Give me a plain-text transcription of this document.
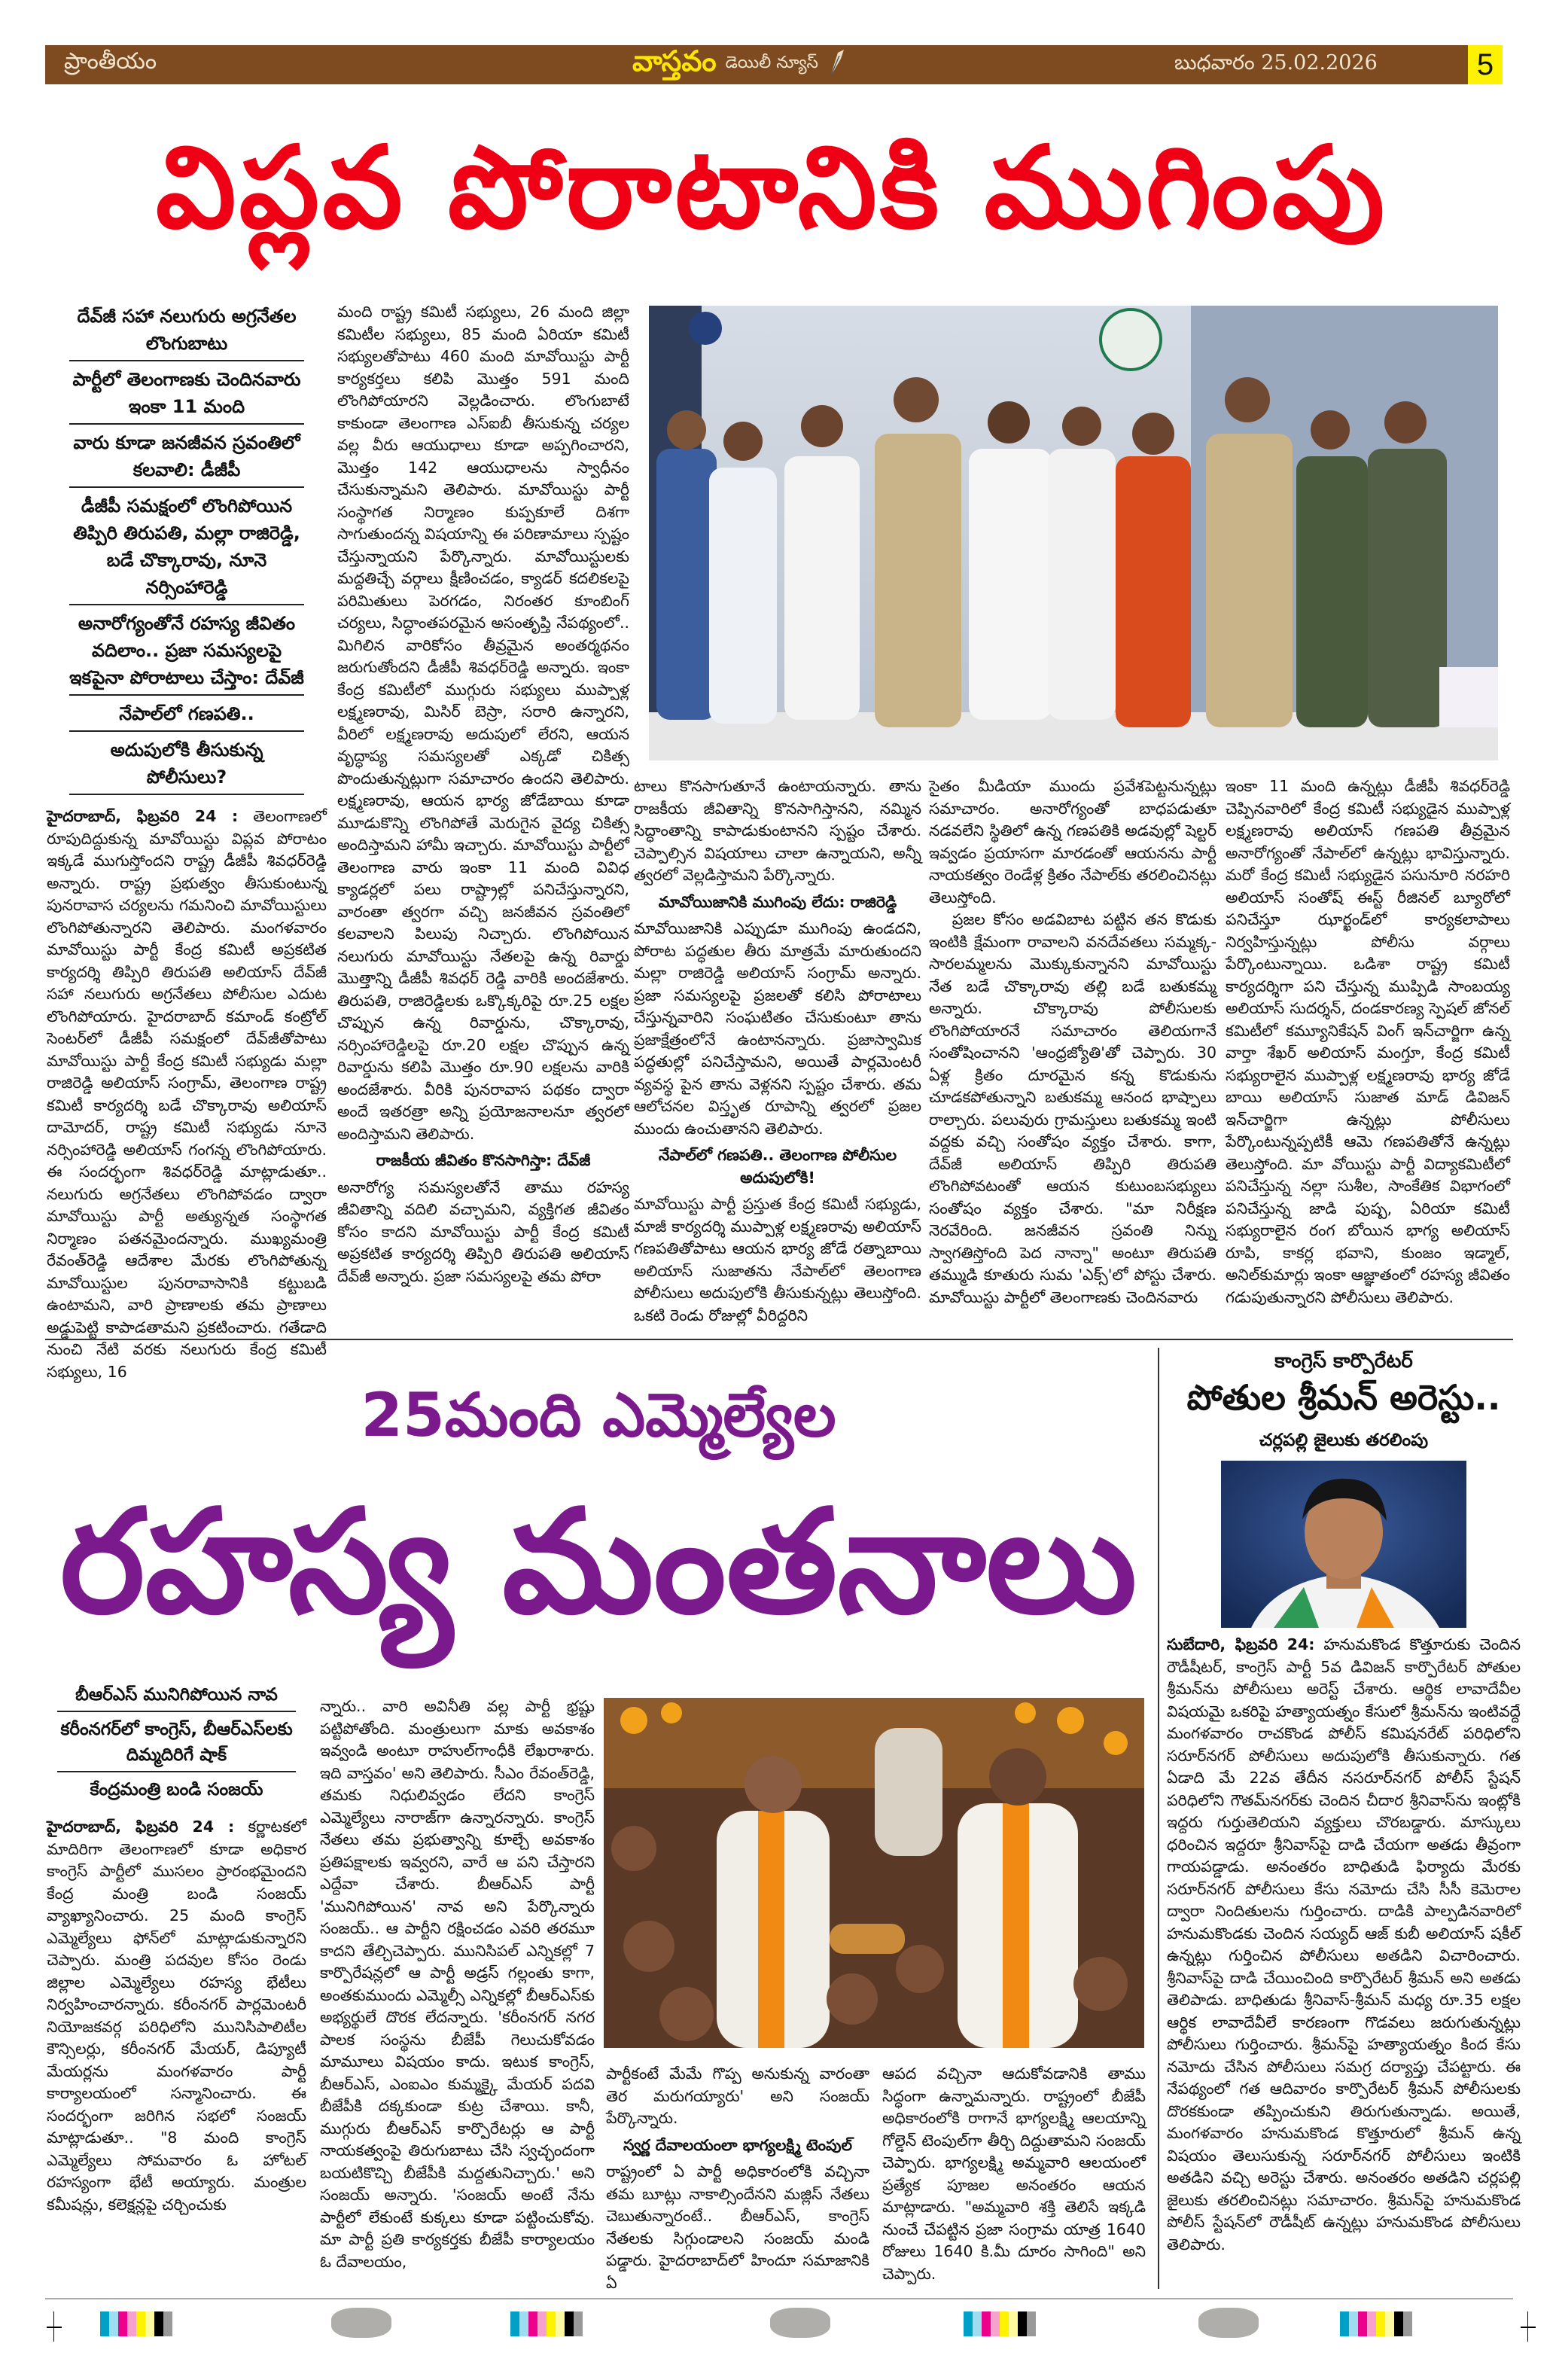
ప్రాంతీయం	వాస్తవం డెయిలీ న్యూస్	బుధవారం 25.02.2026	5
విప్లవ పోరాటానికి ముగింపు
దేవ్‌జీ సహా నలుగురు అగ్రనేతల లొంగుబాటు
పార్టీలో తెలంగాణకు చెందినవారు ఇంకా 11 మంది
వారు కూడా జనజీవన స్రవంతిలో కలవాలి: డీజీపీ
డీజీపీ సమక్షంలో లొంగిపోయిన తిప్పిరి తిరుపతి, మల్లా రాజిరెడ్డి, బడే చొక్కారావు, నూనె నర్సింహారెడ్డి
అనారోగ్యంతోనే రహస్య జీవితం వదిలాం.. ప్రజా సమస్యలపై ఇకపైనా పోరాటాలు చేస్తాం: దేవ్‌జీ
నేపాల్‌లో గణపతి..
అదుపులోకి తీసుకున్న పోలీసులు?

హైదరాబాద్, ఫిబ్రవరి 24 : తెలంగాణలో రూపుదిద్దుకున్న మావోయిస్టు విప్లవ పోరాటం ఇక్కడే ముగుస్తోందని రాష్ట్ర డీజీపీ శివధర్‌రెడ్డి అన్నారు. రాష్ట్ర ప్రభుత్వం తీసుకుంటున్న పునరావాస చర్యలను గమనించి మావోయిస్టులు లొంగిపోతున్నారని తెలిపారు. మంగళవారం మావోయిస్టు పార్టీ కేంద్ర కమిటీ అప్రకటిత కార్యదర్శి తిప్పిరి తిరుపతి అలియాస్ దేవ్‌జీ సహా నలుగురు అగ్రనేతలు పోలీసుల ఎదుట లొంగిపోయారు. హైదరాబాద్ కమాండ్ కంట్రోల్ సెంటర్‌లో డీజీపీ సమక్షంలో దేవ్‌జీతోపాటు మావోయిస్టు పార్టీ కేంద్ర కమిటీ సభ్యుడు మల్లా రాజిరెడ్డి అలియాస్ సంగ్రామ్, తెలంగాణ రాష్ట్ర కమిటీ కార్యదర్శి బడే చొక్కారావు అలియాస్ దామోదర్, రాష్ట్ర కమిటీ సభ్యుడు నూనె నర్సింహారెడ్డి అలియాస్ గంగన్న లొంగిపోయారు. ఈ సందర్భంగా శివధర్‌రెడ్డి మాట్లాడుతూ.. నలుగురు అగ్రనేతలు లొంగిపోవడం ద్వారా మావోయిస్టు పార్టీ అత్యున్నత సంస్థాగత నిర్మాణం పతనమైందన్నారు. ముఖ్యమంత్రి రేవంత్‌రెడ్డి ఆదేశాల మేరకు లొంగిపోతున్న మావోయిస్టుల పునరావాసానికి కట్టుబడి ఉంటామని, వారి ప్రాణాలకు తమ ప్రాణాలు అడ్డుపెట్టి కాపాడతామని ప్రకటించారు. గతేడాది నుంచి నేటి వరకు నలుగురు కేంద్ర కమిటీ సభ్యులు, 16

మంది రాష్ట్ర కమిటీ సభ్యులు, 26 మంది జిల్లా కమిటీల సభ్యులు, 85 మంది ఏరియా కమిటీ సభ్యులతోపాటు 460 మంది మావోయిస్టు పార్టీ కార్యకర్తలు కలిపి మొత్తం 591 మంది లొంగిపోయారని వెల్లడించారు. లొంగుబాటే కాకుండా తెలంగాణ ఎస్ఐబీ తీసుకున్న చర్యల వల్ల వీరు ఆయుధాలు కూడా అప్పగించారని, మొత్తం 142 ఆయుధాలను స్వాధీనం చేసుకున్నామని తెలిపారు. మావోయిస్టు పార్టీ సంస్థాగత నిర్మాణం కుప్పకూలే దిశగా సాగుతుందన్న విషయాన్ని ఈ పరిణామాలు స్పష్టం చేస్తున్నాయని పేర్కొన్నారు. మావోయిస్టులకు మద్దతిచ్చే వర్గాలు క్షీణించడం, క్యాడర్ కదలికలపై పరిమితులు పెరగడం, నిరంతర కూంబింగ్ చర్యలు, సిద్ధాంతపరమైన అసంతృప్తి నేపథ్యంలో.. మిగిలిన వారికోసం తీవ్రమైన అంతర్మథనం జరుగుతోందని డీజీపీ శివధర్‌రెడ్డి అన్నారు. ఇంకా కేంద్ర కమిటీలో ముగ్గురు సభ్యులు ముప్పాళ్ల లక్ష్మణరావు, మిసిర్ బెస్రా, సరారి ఉన్నారని, వీరిలో లక్ష్మణరావు అదుపులో లేరని, ఆయన వృద్ధాప్య సమస్యలతో ఎక్కడో చికిత్స పొందుతున్నట్లుగా సమాచారం ఉందని తెలిపారు. లక్ష్మణరావు, ఆయన భార్య జోడేబాయి కూడా మూడుకొన్ని లొంగిపోతే మెరుగైన వైద్య చికిత్స అందిస్తామని హామీ ఇచ్చారు. మావోయిస్టు పార్టీలో తెలంగాణ వారు ఇంకా 11 మంది వివిధ క్యాడర్లలో పలు రాష్ట్రాల్లో పనిచేస్తున్నారని, వారంతా త్వరగా వచ్చి జనజీవన స్రవంతిలో కలవాలని పిలుపు నిచ్చారు. లొంగిపోయిన నలుగురు మావోయిస్టు నేతలపై ఉన్న రివార్డు మొత్తాన్ని డీజీపీ శివధర్ రెడ్డి వారికి అందజేశారు. తిరుపతి, రాజిరెడ్డిలకు ఒక్కొక్కరిపై రూ.25 లక్షల చొప్పున ఉన్న రివార్డును, చొక్కారావు, నర్సింహారెడ్డిలపై రూ.20 లక్షల చొప్పున ఉన్న రివార్డును కలిపి మొత్తం రూ.90 లక్షలను వారికి అందజేశారు. వీరికి పునరావాస పథకం ద్వారా అందే ఇతరత్రా అన్ని ప్రయోజనాలనూ త్వరలో అందిస్తామని తెలిపారు.

రాజకీయ జీవితం కొనసాగిస్తా: దేవ్‌జీ

అనారోగ్య సమస్యలతోనే తాము రహస్య జీవితాన్ని వదిలి వచ్చామని, వ్యక్తిగత జీవితం కోసం కాదని మావోయిస్టు పార్టీ కేంద్ర కమిటీ అప్రకటిత కార్యదర్శి తిప్పిరి తిరుపతి అలియాస్ దేవ్‌జీ అన్నారు. ప్రజా సమస్యలపై తమ పోరా

టాలు కొనసాగుతూనే ఉంటాయన్నారు. తాను రాజకీయ జీవితాన్ని కొనసాగిస్తానని, నమ్మిన సిద్ధాంతాన్ని కాపాడుకుంటానని స్పష్టం చేశారు. చెప్పాల్సిన విషయాలు చాలా ఉన్నాయని, అన్నీ త్వరలో వెల్లడిస్తామని పేర్కొన్నారు.

మావోయిజానికి ముగింపు లేదు: రాజిరెడ్డి

మావోయిజానికి ఎప్పుడూ ముగింపు ఉండదని, పోరాట పద్ధతుల తీరు మాత్రమే మారుతుందని మల్లా రాజిరెడ్డి అలియాస్ సంగ్రామ్ అన్నారు. ప్రజా సమస్యలపై ప్రజలతో కలిసి పోరాటాలు చేస్తున్నవారిని సంఘటితం చేసుకుంటూ తాను ప్రజాక్షేత్రంలోనే ఉంటానన్నారు. ప్రజాస్వామిక పద్ధతుల్లో పనిచేస్తామని, అయితే పార్లమెంటరీ వ్యవస్థ పైన తాను వెళ్లనని స్పష్టం చేశారు. తమ ఆలోచనల విస్తృత రూపాన్ని త్వరలో ప్రజల ముందు ఉంచుతానని తెలిపారు.

నేపాల్‌లో గణపతి.. తెలంగాణ పోలీసుల

అదుపులోకి!

మావోయిస్టు పార్టీ ప్రస్తుత కేంద్ర కమిటీ సభ్యుడు, మాజీ కార్యదర్శి ముప్పాళ్ల లక్ష్మణరావు అలియాస్ గణపతితోపాటు ఆయన భార్య జోడే రత్నాబాయి అలియాస్ సుజాతను నేపాల్‌లో తెలంగాణ పోలీసులు అదుపులోకి తీసుకున్నట్లు తెలుస్తోంది. ఒకటి రెండు రోజుల్లో వీరిద్దరిని

సైతం మీడియా ముందు ప్రవేశపెట్టనున్నట్లు సమాచారం. అనారోగ్యంతో బాధపడుతూ నడవలేని స్థితిలో ఉన్న గణపతికి అడవుల్లో షెల్టర్ ఇవ్వడం ప్రయాసగా మారడంతో ఆయనను పార్టీ నాయకత్వం రెండేళ్ల క్రితం నేపాల్‌కు తరలించినట్లు తెలుస్తోంది.

ప్రజల కోసం అడవిబాట పట్టిన తన కొడుకు ఇంటికి క్షేమంగా రావాలని వనదేవతలు సమ్మక్క- సారలమ్మలను మొక్కుకున్నానని మావోయిస్టు నేత బడే చొక్కారావు తల్లి బడే బతుకమ్మ అన్నారు. చొక్కారావు పోలీసులకు లొంగిపోయారనే సమాచారం తెలియగానే సంతోషించానని 'ఆంధ్రజ్యోతి'తో చెప్పారు. 30 ఏళ్ల క్రితం దూరమైన కన్న కొడుకును చూడకపోతున్నాని బతుకమ్మ ఆనంద భాష్పాలు రాల్చారు. పలువురు గ్రామస్తులు బతుకమ్మ ఇంటి వద్దకు వచ్చి సంతోషం వ్యక్తం చేశారు. కాగా, దేవ్‌జీ అలియాస్ తిప్పిరి తిరుపతి లొంగిపోవటంతో ఆయన కుటుంబసభ్యులు సంతోషం వ్యక్తం చేశారు. "మా నిరీక్షణ నెరవేరింది. జనజీవన స్రవంతి నిన్ను స్వాగతిస్తోంది పెద నాన్నా" అంటూ తిరుపతి తమ్ముడి కూతురు సుమ 'ఎక్స్'లో పోస్టు చేశారు. మావోయిస్టు పార్టీలో తెలంగాణకు చెందినవారు

ఇంకా 11 మంది ఉన్నట్లు డీజీపీ శివధర్‌రెడ్డి చెప్పినవారిలో కేంద్ర కమిటీ సభ్యుడైన ముప్పాళ్ల లక్ష్మణరావు అలియాస్ గణపతి తీవ్రమైన అనారోగ్యంతో నేపాల్‌లో ఉన్నట్లు భావిస్తున్నారు. మరో కేంద్ర కమిటీ సభ్యుడైన పసునూరి నరహరి అలియాస్ సంతోష్ ఈస్ట్ రీజినల్ బ్యూరోలో పనిచేస్తూ ఝార్ఖండ్‌లో కార్యకలాపాలు నిర్వహిస్తున్నట్లు పోలీసు వర్గాలు పేర్కొంటున్నాయి. ఒడిశా రాష్ట్ర కమిటీ కార్యదర్శిగా పని చేస్తున్న ముప్పిడి సాంబయ్య అలియాస్ సుదర్శన్, దండకారణ్య స్పెషల్ జోనల్ కమిటీలో కమ్యూనికేషన్ వింగ్ ఇన్‌చార్జిగా ఉన్న వార్తా శేఖర్ అలియాస్ మంగ్తూ, కేంద్ర కమిటీ సభ్యురాలైన ముప్పాళ్ల లక్ష్మణరావు భార్య జోడే బాయి అలియాస్ సుజాత మాడ్ డివిజన్ ఇన్‌చార్జిగా ఉన్నట్లు పోలీసులు పేర్కొంటున్నప్పటికీ ఆమె గణపతితోనే ఉన్నట్లు తెలుస్తోంది. మా వోయిస్టు పార్టీ విద్యాకమిటీలో పనిచేస్తున్న నల్లా సుశీల, సాంకేతిక విభాగంలో పనిచేస్తున్న జాడి పుష్ప, ఏరియా కమిటీ సభ్యురాలైన రంగ బోయిన భాగ్య అలియాస్ రూపి, కాకర్ల భవాని, కుంజం ఇడ్మాల్, అనిల్‌కుమార్లు ఇంకా ఆజ్ఞాతంలో రహస్య జీవితం గడుపుతున్నారని పోలీసులు తెలిపారు.

25మంది ఎమ్మెల్యేల
రహస్య మంతనాలు
బీఆర్ఎస్ మునిగిపోయిన నావ
కరీంనగర్‌లో కాంగ్రెస్, బీఆర్ఎస్‌లకు దిమ్మదిరిగే షాక్
కేంద్రమంత్రి బండి సంజయ్

హైదరాబాద్, ఫిబ్రవరి 24 : కర్ణాటకలో మాదిరిగా తెలంగాణలో కూడా అధికార కాంగ్రెస్ పార్టీలో ముసలం ప్రారంభమైందని కేంద్ర మంత్రి బండి సంజయ్ వ్యాఖ్యానించారు. 25 మంది కాంగ్రెస్ ఎమ్మెల్యేలు ఫోన్‌లో మాట్లాడుకున్నారని చెప్పారు. మంత్రి పదవుల కోసం రెండు జిల్లాల ఎమ్మెల్యేలు రహస్య భేటీలు నిర్వహించారన్నారు. కరీంనగర్ పార్లమెంటరీ నియోజకవర్గ పరిధిలోని మునిసిపాలిటీల కౌన్సిలర్లు, కరీంనగర్ మేయర్, డిప్యూటీ మేయర్లను మంగళవారం పార్టీ కార్యాలయంలో సన్మానించారు. ఈ సందర్భంగా జరిగిన సభలో సంజయ్ మాట్లాడుతూ.. "8 మంది కాంగ్రెస్ ఎమ్మెల్యేలు సోమవారం ఓ హోటల్ రహస్యంగా భేటీ అయ్యారు. మంత్రుల కమీషన్లు, కలెక్షన్లపై చర్చించుకు

న్నారు.. వారి అవినీతి వల్ల పార్టీ భ్రష్టు పట్టిపోతోంది. మంత్రులుగా మాకు అవకాశం ఇవ్వండి అంటూ రాహుల్‌గాంధీకి లేఖరాశారు. ఇది వాస్తవం' అని తెలిపారు. సీఎం రేవంత్‌రెడ్డి, తమకు నిధులివ్వడం లేదని కాంగ్రెస్ ఎమ్మెల్యేలు నారాజ్‌గా ఉన్నారన్నారు. కాంగ్రెస్ నేతలు తమ ప్రభుత్వాన్ని కూల్చే అవకాశం ప్రతిపక్షాలకు ఇవ్వరని, వారే ఆ పని చేస్తారని ఎద్దేవా చేశారు. బీఆర్ఎస్ పార్టీ 'మునిగిపోయిన' నావ అని పేర్కొన్నారు సంజయ్.. ఆ పార్టీని రక్షించడం ఎవరి తరమూ కాదని తేల్చిచెప్పారు. మునిసిపల్ ఎన్నికల్లో 7 కార్పొరేషన్లలో ఆ పార్టీ అడ్రస్ గల్లంతు కాగా, అంతకుముందు ఎమ్మెల్సీ ఎన్నికల్లో బీఆర్ఎస్‌కు అభ్యర్థులే దొరక లేదన్నారు. 'కరీంనగర్ నగర పాలక సంస్థను బీజేపీ గెలుచుకోవడం మామూలు విషయం కాదు. ఇటుక కాంగ్రెస్, బీఆర్ఎస్, ఎంఐఎం కుమ్మక్కై మేయర్ పదవి బీజేపీకి దక్కకుండా కుట్ర చేశాయి. కానీ, ముగ్గురు బీఆర్ఎస్ కార్పొరేటర్లు ఆ పార్టీ నాయకత్వంపై తిరుగుబాటు చేసి స్వచ్ఛందంగా బయటికొచ్చి బీజేపీకి మద్దతునిచ్చారు.' అని సంజయ్ అన్నారు. 'సంజయ్ అంటే నేను పార్టీలో లేకుంటే కుక్కలు కూడా పట్టించుకోవు. మా పార్టీ ప్రతి కార్యకర్తకు బీజేపీ కార్యాలయం ఓ దేవాలయం,

పార్టీకంటే మేమే గొప్ప అనుకున్న వారంతా తెర మరుగయ్యారు' అని సంజయ్ పేర్కొన్నారు.

స్వర్ణ దేవాలయంలా భాగ్యలక్ష్మి టెంపుల్

రాష్ట్రంలో ఏ పార్టీ అధికారంలోకి వచ్చినా తమ బూట్లు నాకాల్సిందేనని మజ్లిస్ నేతలు చెబుతున్నారంటే.. బీఆర్ఎస్, కాంగ్రెస్ నేతలకు సిగ్గుండాలని సంజయ్ మండి పడ్డారు. హైదరాబాద్‌లో హిందూ సమాజానికి ఏ

ఆపద వచ్చినా ఆదుకోవడానికి తాము సిద్ధంగా ఉన్నామన్నారు. రాష్ట్రంలో బీజేపీ అధికారంలోకి రాగానే భాగ్యలక్ష్మి ఆలయాన్ని గోల్డెన్ టెంపుల్‌గా తీర్చి దిద్దుతామని సంజయ్ చెప్పారు. భాగ్యలక్ష్మి అమ్మవారి ఆలయంలో ప్రత్యేక పూజల అనంతరం ఆయన మాట్లాడారు. "అమ్మవారి శక్తి తెలిసే ఇక్కడి నుంచే చేపట్టిన ప్రజా సంగ్రామ యాత్ర 1640 రోజులు 1640 కి.మీ దూరం సాగింది" అని చెప్పారు.

కాంగ్రెస్ కార్పొరేటర్
పోతుల శ్రీమన్ అరెస్టు..
చర్లపల్లి జైలుకు తరలింపు

సుబేదారి, ఫిబ్రవరి 24: హనుమకొండ కొత్తూరుకు చెందిన రౌడీషీటర్, కాంగ్రెస్ పార్టీ 5వ డివిజన్ కార్పొరేటర్ పోతుల శ్రీమన్‌ను పోలీసులు అరెస్ట్ చేశారు. ఆర్థిక లావాదేవీల విషయమై ఒకరిపై హత్యాయత్నం కేసులో శ్రీమన్‌ను ఇంటివద్దే మంగళవారం రాచకొండ పోలీస్ కమిషనరేట్ పరిధిలోని సరూర్‌నగర్ పోలీసులు అదుపులోకి తీసుకున్నారు. గత ఏడాది మే 22వ తేదీన నసరూర్‌నగర్ పోలీస్ స్టేషన్ పరిధిలోని గౌతమ్‌నగర్‌కు చెందిన చీదార శ్రీనివాస్‌ను ఇంట్లోకి ఇద్దరు గుర్తుతెలియని వ్యక్తులు చొరబడ్డారు. మాస్కులు ధరించిన ఇద్దరూ శ్రీనివాస్‌పై దాడి చేయగా అతడు తీవ్రంగా గాయపడ్డాడు. అనంతరం బాధితుడి ఫిర్యాదు మేరకు సరూర్‌నగర్ పోలీసులు కేసు నమోదు చేసి సీసీ కెమెరాల ద్వారా నిందితులను గుర్తించారు. దాడికి పాల్పడినవారిలో హనుమకొండకు చెందిన సయ్యద్ ఆజ్ కుబీ అలియాస్ షకీల్ ఉన్నట్లు గుర్తించిన పోలీసులు అతడిని విచారించారు. శ్రీనివాస్‌పై దాడి చేయించింది కార్పొరేటర్ శ్రీమన్ అని అతడు తెలిపాడు. బాధితుడు శ్రీనివాస్-శ్రీమన్ మధ్య రూ.35 లక్షల ఆర్థిక లావాదేవీలే కారణంగా గొడవలు జరుగుతున్నట్లు పోలీసులు గుర్తించారు. శ్రీమన్‌పై హత్యాయత్నం కింద కేసు నమోదు చేసిన పోలీసులు సమగ్ర దర్యాప్తు చేపట్టారు. ఈ నేపథ్యంలో గత ఆదివారం కార్పొరేటర్ శ్రీమన్ పోలీసులకు దొరకకుండా తప్పించుకుని తిరుగుతున్నాడు. అయితే, మంగళవారం హనుమకొండ కొత్తూరులో శ్రీమన్ ఉన్న విషయం తెలుసుకున్న సరూర్‌నగర్ పోలీసులు ఇంటికి అతడిని వచ్చి అరెస్టు చేశారు. అనంతరం అతడిని చర్లపల్లి జైలుకు తరలించినట్లు సమాచారం. శ్రీమన్‌పై హనుమకొండ పోలీస్ స్టేషన్‌లో రౌడీషీట్ ఉన్నట్లు హనుమకొండ పోలీసులు తెలిపారు.
